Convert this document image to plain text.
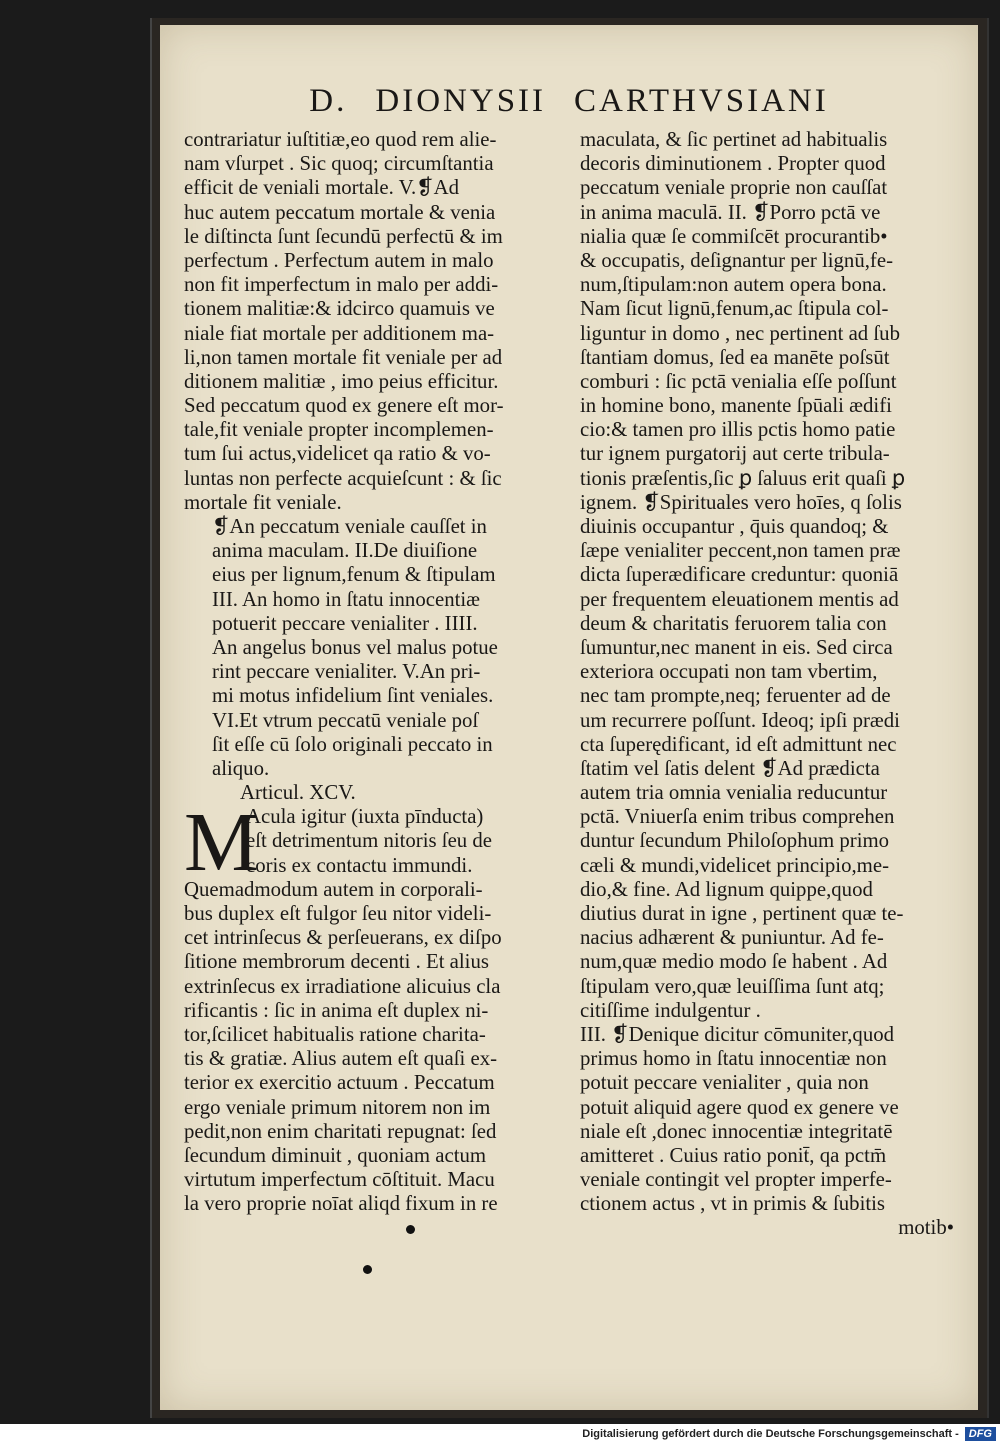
D. DIONYSII CARTHVSIANI
contrariatur iuſtitiæ,eo quod rem alie-
nam vſurpet . Sic quoq; circumſtantia
efficit de veniali mortale. V.❡Ad
huc autem peccatum mortale & venia
le diſtincta ſunt ſecundū perfectū & im
perfectum . Perfectum autem in malo
non fit imperfectum in malo per addi-
tionem malitiæ:& idcirco quamuis ve
niale fiat mortale per additionem ma-
li,non tamen mortale fit veniale per ad
ditionem malitiæ , imo peius efficitur.
Sed peccatum quod ex genere eſt mor-
tale,fit veniale propter incomplemen-
tum ſui actus,videlicet qa ratio & vo-
luntas non perfecte acquieſcunt : & ſic
mortale fit veniale.
❡An peccatum veniale cauſſet in
anima maculam. II.De diuiſione
eius per lignum,fenum & ſtipulam
III. An homo in ſtatu innocentiæ
potuerit peccare venialiter . IIII.
An angelus bonus vel malus potue
rint peccare venialiter. V.An pri-
mi motus infidelium ſint veniales.
VI.Et vtrum peccatū veniale poſ
ſit eſſe cū ſolo originali peccato in
aliquo.
Articul. XCV.
M
Acula igitur (iuxta pīnducta)
eſt detrimentum nitoris ſeu de
coris ex contactu immundi.
Quemadmodum autem in corporali-
bus duplex eſt fulgor ſeu nitor videli-
cet intrinſecus & perſeuerans, ex diſpo
ſitione membrorum decenti . Et alius
extrinſecus ex irradiatione alicuius cla
rificantis : ſic in anima eſt duplex ni-
tor,ſcilicet habitualis ratione charita-
tis & gratiæ. Alius autem eſt quaſi ex-
terior ex exercitio actuum . Peccatum
ergo veniale primum nitorem non im
pedit,non enim charitati repugnat: ſed
ſecundum diminuit , quoniam actum
virtutum imperfectum cōſtituit. Macu
la vero proprie noīat aliqd fixum in re
maculata, & ſic pertinet ad habitualis
decoris diminutionem . Propter quod
peccatum veniale proprie non cauſſat
in anima maculā. II. ❡Porro pctā ve
nialia quæ ſe commiſcēt procurantib•
& occupatis, deſignantur per lignū,fe-
num,ſtipulam:non autem opera bona.
Nam ſicut lignū,fenum,ac ſtipula col-
liguntur in domo , nec pertinent ad ſub
ſtantiam domus, ſed ea manēte poſsūt
comburi : ſic pctā venialia eſſe poſſunt
in homine bono, manente ſpūali ædifi
cio:& tamen pro illis pctis homo patie
tur ignem purgatorij aut certe tribula-
tionis præſentis,ſic ꝑ ſaluus erit quaſi ꝑ
ignem. ❡Spirituales vero hoīes, q ſolis
diuinis occupantur , q̄uis quandoq; &
ſæpe venialiter peccent,non tamen præ
dicta ſuperædificare creduntur: quoniā
per frequentem eleuationem mentis ad
deum & charitatis feruorem talia con
ſumuntur,nec manent in eis. Sed circa
exteriora occupati non tam vbertim,
nec tam prompte,neq; feruenter ad de
um recurrere poſſunt. Ideoq; ipſi prædi
cta ſuperędificant, id eſt admittunt nec
ſtatim vel ſatis delent ❡Ad prædicta
autem tria omnia venialia reducuntur
pctā. Vniuerſa enim tribus comprehen
duntur ſecundum Philoſophum primo
cæli & mundi,videlicet principio,me-
dio,& fine. Ad lignum quippe,quod
diutius durat in igne , pertinent quæ te-
nacius adhærent & puniuntur. Ad fe-
num,quæ medio modo ſe habent . Ad
ſtipulam vero,quæ leuiſſima ſunt atq;
citiſſime indulgentur .
III. ❡Denique dicitur cōmuniter,quod
primus homo in ſtatu innocentiæ non
potuit peccare venialiter , quia non
potuit aliquid agere quod ex genere ve
niale eſt ,donec innocentiæ integritatē
amitteret . Cuius ratio ponit̄, qa pctm̄
veniale contingit vel propter imperfe-
ctionem actus , vt in primis & ſubitis
motib•
Digitalisierung gefördert durch die Deutsche Forschungsgemeinschaft - DFG
